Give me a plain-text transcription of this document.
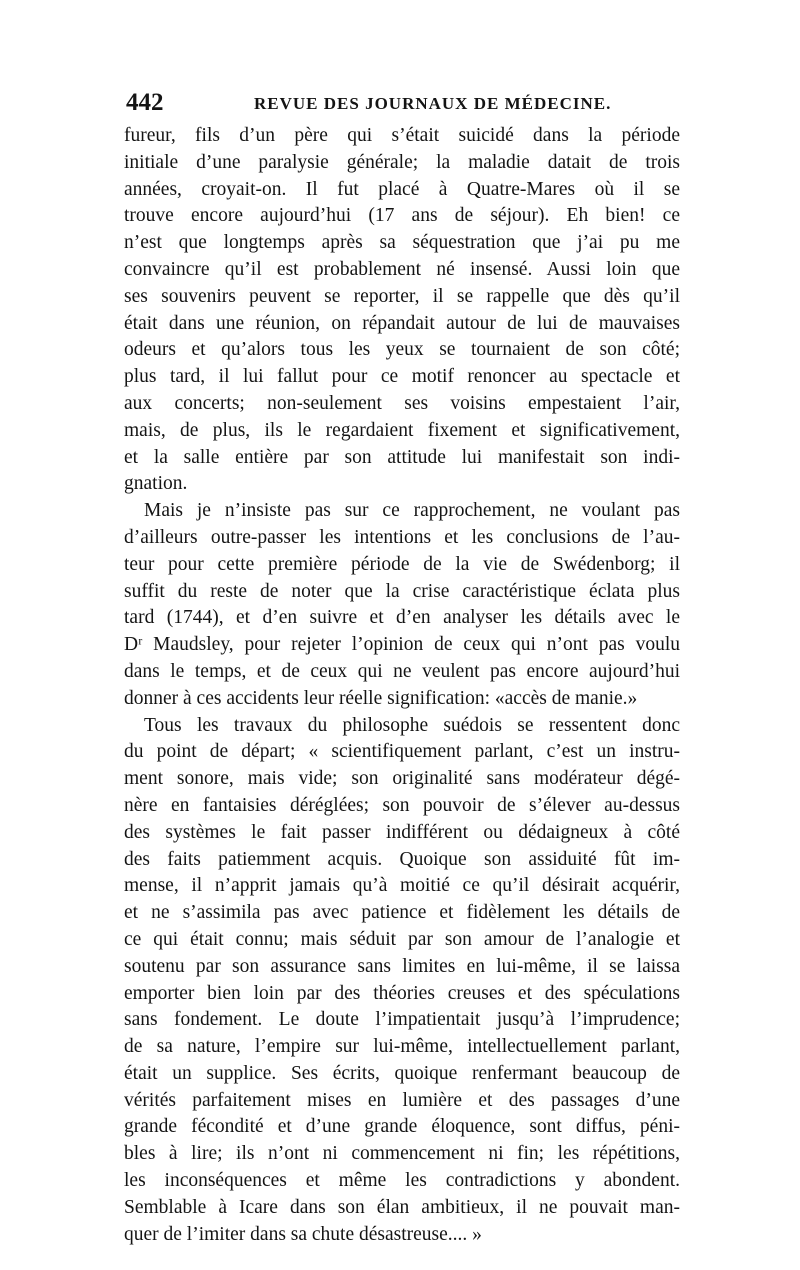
442	REVUE DES JOURNAUX DE MÉDECINE.
fureur, fils d’un père qui s’était suicidé dans la période
initiale d’une paralysie générale; la maladie datait de trois
années, croyait-on. Il fut placé à Quatre-Mares où il se
trouve encore aujourd’hui (17 ans de séjour). Eh bien! ce
n’est que longtemps après sa séquestration que j’ai pu me
convaincre qu’il est probablement né insensé. Aussi loin que
ses souvenirs peuvent se reporter, il se rappelle que dès qu’il
était dans une réunion, on répandait autour de lui de mauvaises
odeurs et qu’alors tous les yeux se tournaient de son côté;
plus tard, il lui fallut pour ce motif renoncer au spectacle et
aux concerts; non-seulement ses voisins empestaient l’air,
mais, de plus, ils le regardaient fixement et significativement,
et la salle entière par son attitude lui manifestait son indi-
gnation.
Mais je n’insiste pas sur ce rapprochement, ne voulant pas
d’ailleurs outre-passer les intentions et les conclusions de l’au-
teur pour cette première période de la vie de Swédenborg; il
suffit du reste de noter que la crise caractéristique éclata plus
tard (1744), et d’en suivre et d’en analyser les détails avec le
Dʳ Maudsley, pour rejeter l’opinion de ceux qui n’ont pas voulu
dans le temps, et de ceux qui ne veulent pas encore aujourd’hui
donner à ces accidents leur réelle signification: «accès de manie.»
Tous les travaux du philosophe suédois se ressentent donc
du point de départ; « scientifiquement parlant, c’est un instru-
ment sonore, mais vide; son originalité sans modérateur dégé-
nère en fantaisies déréglées; son pouvoir de s’élever au-dessus
des systèmes le fait passer indifférent ou dédaigneux à côté
des faits patiemment acquis. Quoique son assiduité fût im-
mense, il n’apprit jamais qu’à moitié ce qu’il désirait acquérir,
et ne s’assimila pas avec patience et fidèlement les détails de
ce qui était connu; mais séduit par son amour de l’analogie et
soutenu par son assurance sans limites en lui-même, il se laissa
emporter bien loin par des théories creuses et des spéculations
sans fondement. Le doute l’impatientait jusqu’à l’imprudence;
de sa nature, l’empire sur lui-même, intellectuellement parlant,
était un supplice. Ses écrits, quoique renfermant beaucoup de
vérités parfaitement mises en lumière et des passages d’une
grande fécondité et d’une grande éloquence, sont diffus, péni-
bles à lire; ils n’ont ni commencement ni fin; les répétitions,
les inconséquences et même les contradictions y abondent.
Semblable à Icare dans son élan ambitieux, il ne pouvait man-
quer de l’imiter dans sa chute désastreuse.... »
